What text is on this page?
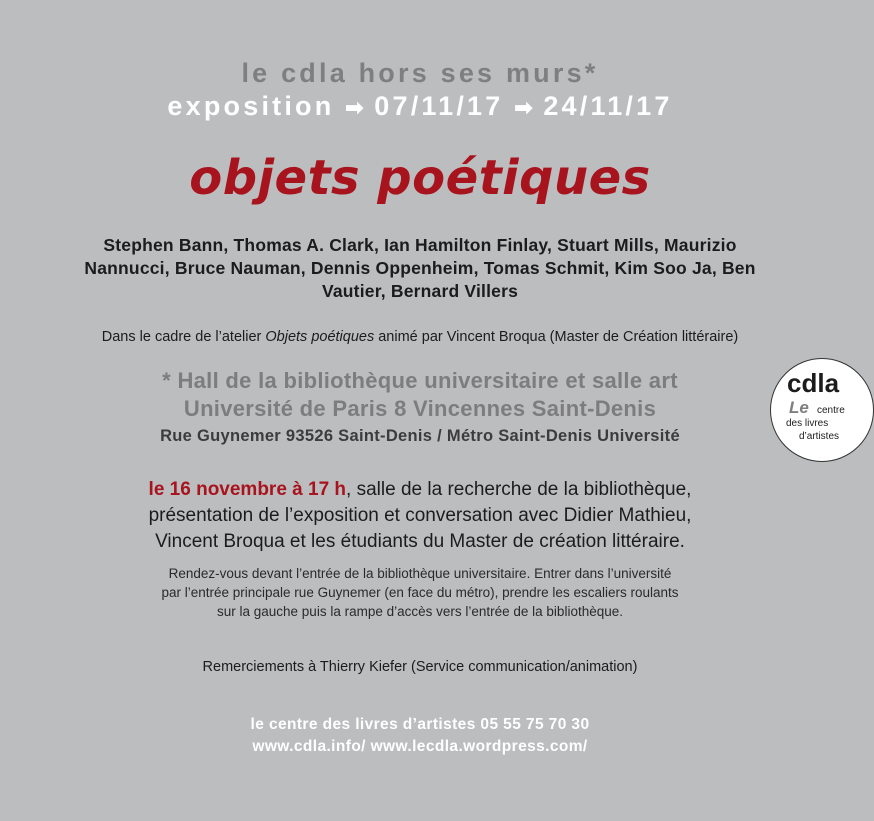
le cdla hors ses murs*
exposition ➡ 07/11/17 ➡ 24/11/17
objets poétiques
Stephen Bann, Thomas A. Clark, Ian Hamilton Finlay, Stuart Mills, Maurizio Nannucci, Bruce Nauman, Dennis Oppenheim, Tomas Schmit, Kim Soo Ja, Ben Vautier, Bernard Villers
Dans le cadre de l’atelier Objets poétiques animé par Vincent Broqua (Master de Création littéraire)
* Hall de la bibliothèque universitaire et salle art
Université de Paris 8 Vincennes Saint-Denis
Rue Guynemer 93526 Saint-Denis / Métro Saint-Denis Université
le 16 novembre à 17 h, salle de la recherche de la bibliothèque,
présentation de l’exposition et conversation avec Didier Mathieu,
Vincent Broqua et les étudiants du Master de création littéraire.
Rendez-vous devant l’entrée de la bibliothèque universitaire. Entrer dans l’université
par l’entrée principale rue Guynemer (en face du métro), prendre les escaliers roulants
sur la gauche puis la rampe d’accès vers l’entrée de la bibliothèque.
Remerciements à Thierry Kiefer (Service communication/animation)
le centre des livres d’artistes 05 55 75 70 30
www.cdla.info/ www.lecdla.wordpress.com/
cdla
Le centre
des livres
d’artistes
